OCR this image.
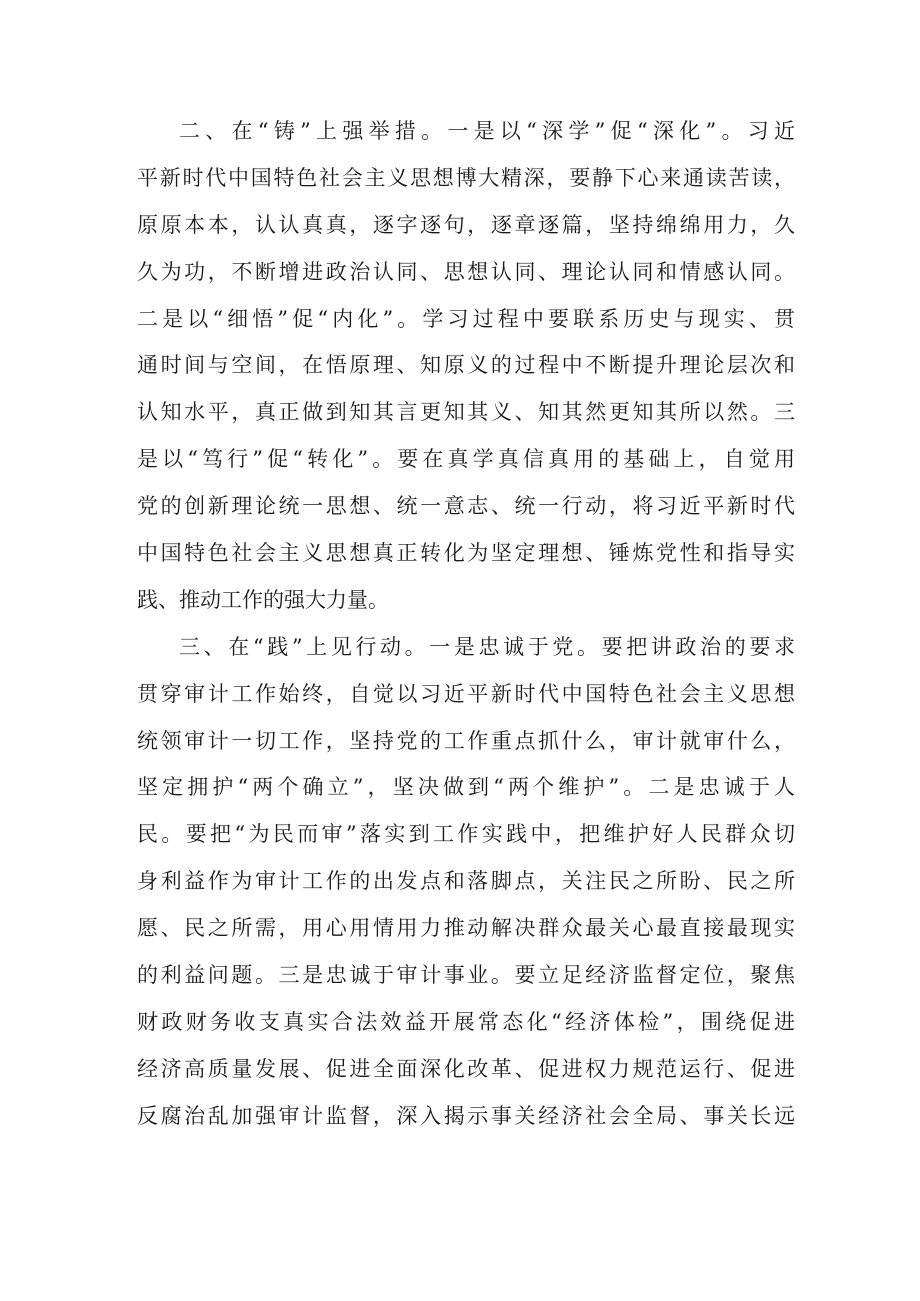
二、在“铸”上强举措。一是以“深学”促“深化”。习近
平新时代中国特色社会主义思想博大精深，要静下心来通读苦读，
原原本本，认认真真，逐字逐句，逐章逐篇，坚持绵绵用力，久
久为功，不断增进政治认同、思想认同、理论认同和情感认同。
二是以“细悟”促“内化”。学习过程中要联系历史与现实、贯
通时间与空间，在悟原理、知原义的过程中不断提升理论层次和
认知水平，真正做到知其言更知其义、知其然更知其所以然。三
是以“笃行”促“转化”。要在真学真信真用的基础上，自觉用
党的创新理论统一思想、统一意志、统一行动，将习近平新时代
中国特色社会主义思想真正转化为坚定理想、锤炼党性和指导实
践、推动工作的强大力量。
三、在“践”上见行动。一是忠诚于党。要把讲政治的要求
贯穿审计工作始终，自觉以习近平新时代中国特色社会主义思想
统领审计一切工作，坚持党的工作重点抓什么，审计就审什么，
坚定拥护“两个确立”，坚决做到“两个维护”。二是忠诚于人
民。要把“为民而审”落实到工作实践中，把维护好人民群众切
身利益作为审计工作的出发点和落脚点，关注民之所盼、民之所
愿、民之所需，用心用情用力推动解决群众最关心最直接最现实
的利益问题。三是忠诚于审计事业。要立足经济监督定位，聚焦
财政财务收支真实合法效益开展常态化“经济体检”，围绕促进
经济高质量发展、促进全面深化改革、促进权力规范运行、促进
反腐治乱加强审计监督，深入揭示事关经济社会全局、事关长远
